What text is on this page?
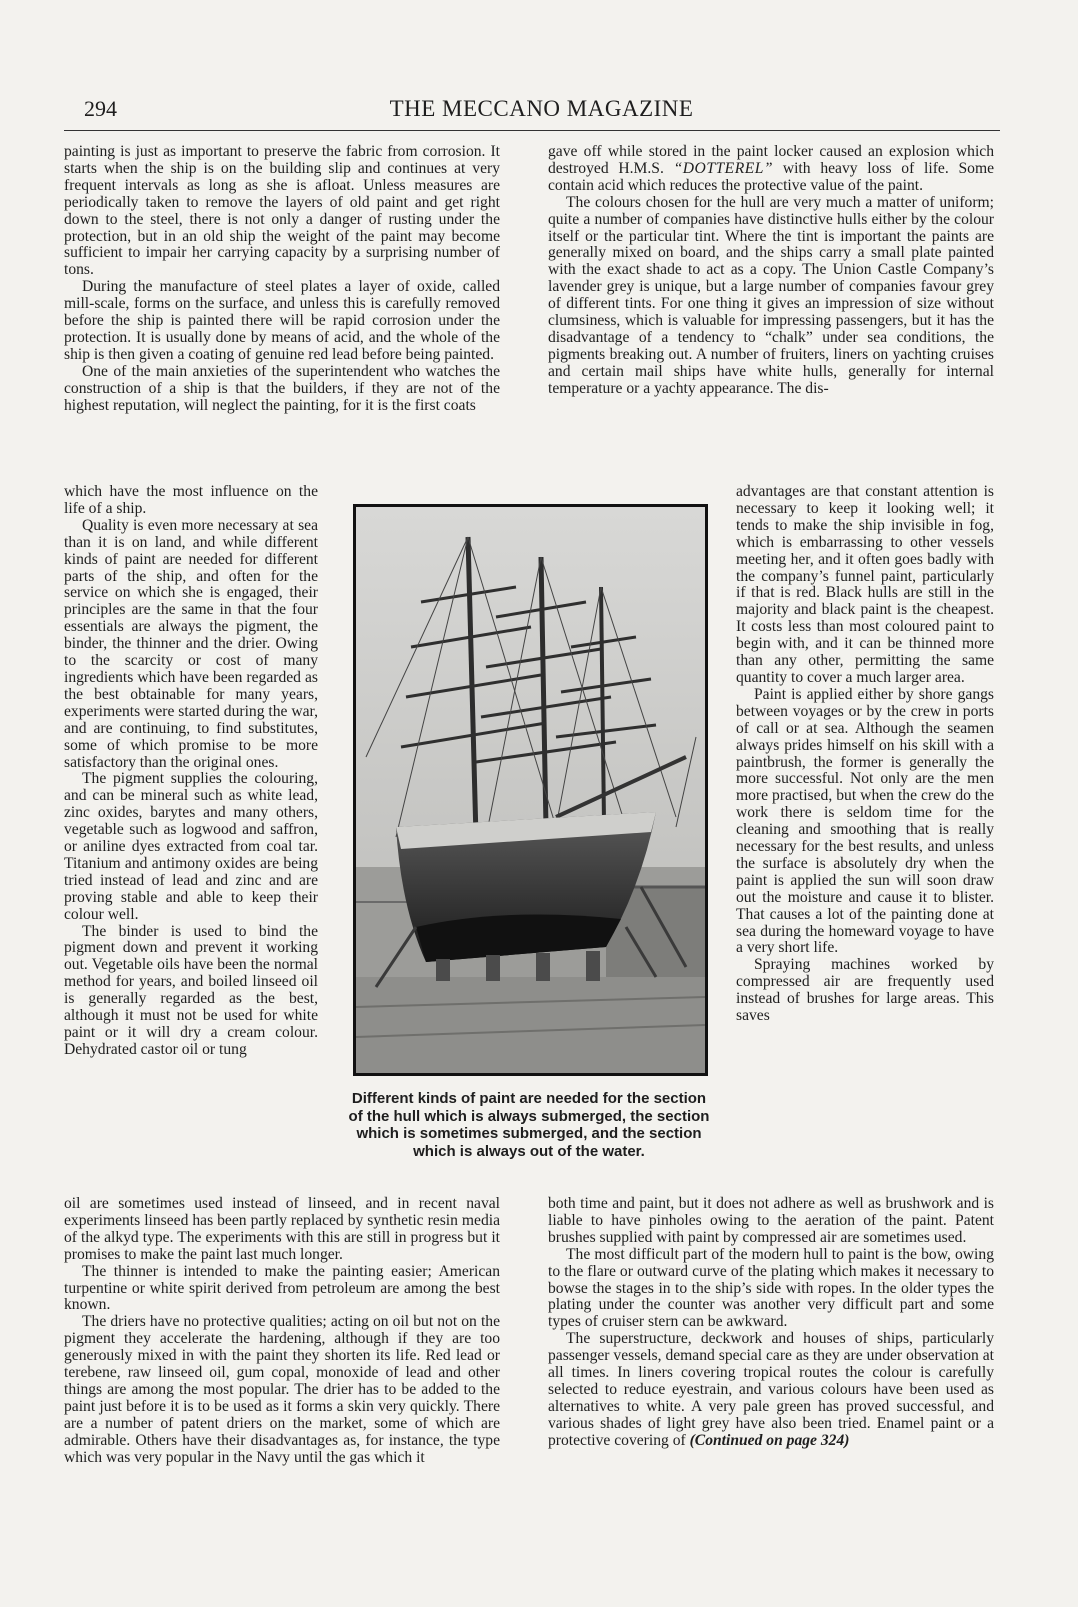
294	THE MECCANO MAGAZINE

painting is just as important to preserve the fabric from corrosion. It starts when the ship is on the building slip and continues at very frequent intervals as long as she is afloat. Unless measures are periodically taken to remove the layers of old paint and get right down to the steel, there is not only a danger of rusting under the protection, but in an old ship the weight of the paint may become sufficient to impair her carrying capacity by a surprising number of tons.

During the manufacture of steel plates a layer of oxide, called mill-scale, forms on the surface, and unless this is carefully removed before the ship is painted there will be rapid corrosion under the protection. It is usually done by means of acid, and the whole of the ship is then given a coating of genuine red lead before being painted.

One of the main anxieties of the superintendent who watches the construction of a ship is that the builders, if they are not of the highest reputation, will neglect the painting, for it is the first coats

which have the most influence on the life of a ship.

Quality is even more necessary at sea than it is on land, and while different kinds of paint are needed for different parts of the ship, and often for the service on which she is engaged, their principles are the same in that the four essentials are always the pigment, the binder, the thinner and the drier. Owing to the scarcity or cost of many ingredients which have been regarded as the best obtainable for many years, experiments were started during the war, and are continuing, to find substitutes, some of which promise to be more satisfactory than the original ones.

The pigment supplies the colouring, and can be mineral such as white lead, zinc oxides, barytes and many others, vegetable such as logwood and saffron, or aniline dyes extracted from coal tar. Titanium and antimony oxides are being tried instead of lead and zinc and are proving stable and able to keep their colour well.

The binder is used to bind the pigment down and prevent it working out. Vegetable oils have been the normal method for years, and boiled linseed oil is generally regarded as the best, although it must not be used for white paint or it will dry a cream colour. Dehydrated castor oil or tung

oil are sometimes used instead of linseed, and in recent naval experiments linseed has been partly replaced by synthetic resin media of the alkyd type. The experiments with this are still in progress but it promises to make the paint last much longer.

The thinner is intended to make the painting easier; American turpentine or white spirit derived from petroleum are among the best known.

The driers have no protective qualities; acting on oil but not on the pigment they accelerate the hardening, although if they are too generously mixed in with the paint they shorten its life. Red lead or terebene, raw linseed oil, gum copal, monoxide of lead and other things are among the most popular. The drier has to be added to the paint just before it is to be used as it forms a skin very quickly. There are a number of patent driers on the market, some of which are admirable. Others have their disadvantages as, for instance, the type which was very popular in the Navy until the gas which it

gave off while stored in the paint locker caused an explosion which destroyed H.M.S. “DOTTEREL” with heavy loss of life. Some contain acid which reduces the protective value of the paint.

The colours chosen for the hull are very much a matter of uniform; quite a number of companies have distinctive hulls either by the colour itself or the particular tint. Where the tint is important the paints are generally mixed on board, and the ships carry a small plate painted with the exact shade to act as a copy. The Union Castle Company’s lavender grey is unique, but a large number of companies favour grey of different tints. For one thing it gives an impression of size without clumsiness, which is valuable for impressing passengers, but it has the disadvantage of a tendency to “chalk” under sea conditions, the pigments breaking out. A number of fruiters, liners on yachting cruises and certain mail ships have white hulls, generally for internal temperature or a yachty appearance. The dis-

advantages are that constant attention is necessary to keep it looking well; it tends to make the ship invisible in fog, which is embarrassing to other vessels meeting her, and it often goes badly with the company’s funnel paint, particularly if that is red. Black hulls are still in the majority and black paint is the cheapest. It costs less than most coloured paint to begin with, and it can be thinned more than any other, permitting the same quantity to cover a much larger area.

Paint is applied either by shore gangs between voyages or by the crew in ports of call or at sea. Although the seamen always prides himself on his skill with a paintbrush, the former is generally the more successful. Not only are the men more practised, but when the crew do the work there is seldom time for the cleaning and smoothing that is really necessary for the best results, and unless the surface is absolutely dry when the paint is applied the sun will soon draw out the moisture and cause it to blister. That causes a lot of the painting done at sea during the homeward voyage to have a very short life.

Spraying machines worked by compressed air are frequently used instead of brushes for large areas. This saves

both time and paint, but it does not adhere as well as brushwork and is liable to have pinholes owing to the aeration of the paint. Patent brushes supplied with paint by compressed air are sometimes used.

The most difficult part of the modern hull to paint is the bow, owing to the flare or outward curve of the plating which makes it necessary to bowse the stages in to the ship’s side with ropes. In the older types the plating under the counter was another very difficult part and some types of cruiser stern can be awkward.

The superstructure, deckwork and houses of ships, particularly passenger vessels, demand special care as they are under observation at all times. In liners covering tropical routes the colour is carefully selected to reduce eyestrain, and various colours have been used as alternatives to white. A very pale green has proved successful, and various shades of light grey have also been tried. Enamel paint or a protective covering of (Continued on page 324)

Different kinds of paint are needed for the section of the hull which is always submerged, the section which is sometimes submerged, and the section which is always out of the water.
